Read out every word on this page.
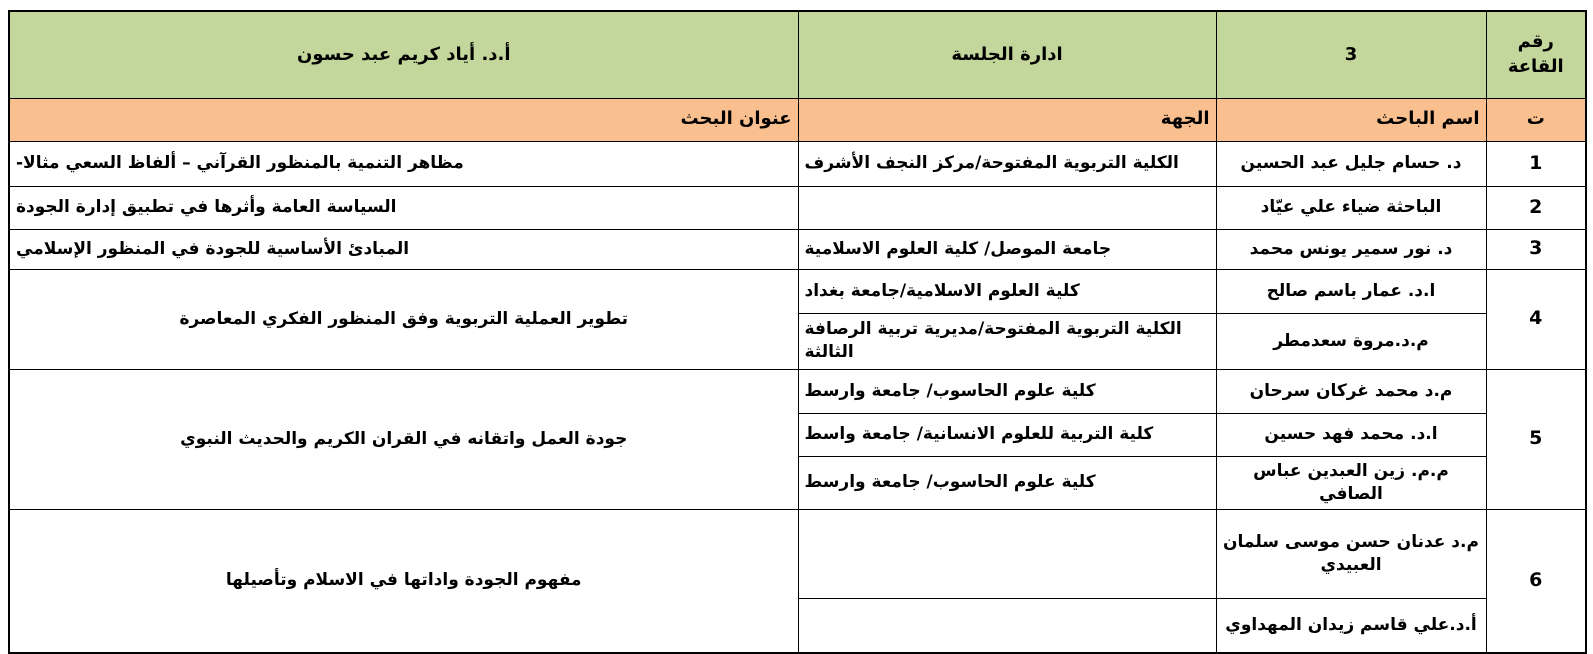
رقم القاعة	3	ادارة الجلسة	أ.د. أياد كريم عبد حسون
ت	اسم الباحث	الجهة	عنوان البحث
1	د. حسام جليل عبد الحسين	الكلية التربوية المفتوحة/مركز النجف الأشرف	مظاهر التنمية بالمنظور القرآني – ألفاظ السعي مثالا-
2	الباحثة ضياء علي عيّاد		السياسة العامة وأثرها في تطبيق إدارة الجودة
3	د. نور سمير يونس محمد	جامعة الموصل/ كلية العلوم الاسلامية	المبادئ الأساسية للجودة في المنظور الإسلامي
4	ا.د. عمار باسم صالح	كلية العلوم الاسلامية/جامعة بغداد	تطوير العملية التربوية وفق المنظور الفكري المعاصرة
	م.د.مروة سعدمطر	الكلية التربوية المفتوحة/مديرية تربية الرصافة الثالثة	
5	م.د محمد غركان سرحان	كلية علوم الحاسوب/ جامعة وارسط	جودة العمل واتقانه في القران الكريم والحديث النبوي
	ا.د. محمد فهد حسين	كلية التربية للعلوم الانسانية/ جامعة واسط	
	م.م. زين العبدين عباس الصافي	كلية علوم الحاسوب/ جامعة وارسط	
6	م.د عدنان حسن موسى سلمان العبيدي		مفهوم الجودة واداتها في الاسلام وتأصيلها
	أ.د.علي قاسم زيدان المهداوي		
